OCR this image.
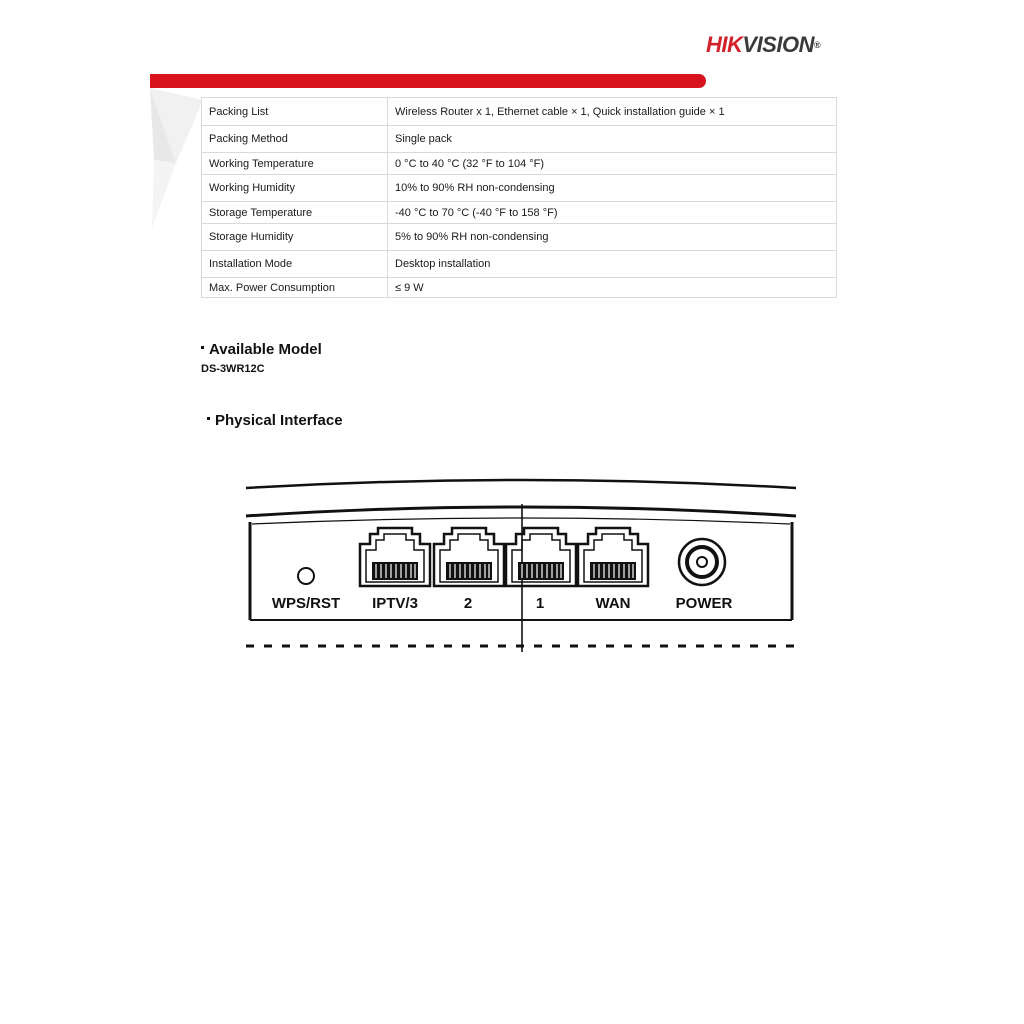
HIKVISION®
Packing List	Wireless Router x 1, Ethernet cable × 1, Quick installation guide × 1
Packing Method	Single pack
Working Temperature	0 °C to 40 °C (32 °F to 104 °F)
Working Humidity	10% to 90% RH non-condensing
Storage Temperature	-40 °C to 70 °C (-40 °F to 158 °F)
Storage Humidity	5% to 90% RH non-condensing
Installation Mode	Desktop installation
Max. Power Consumption	≤ 9 W
Available Model
DS-3WR12C
Physical Interface
WPS/RST IPTV/3	2	1	WAN	POWER
